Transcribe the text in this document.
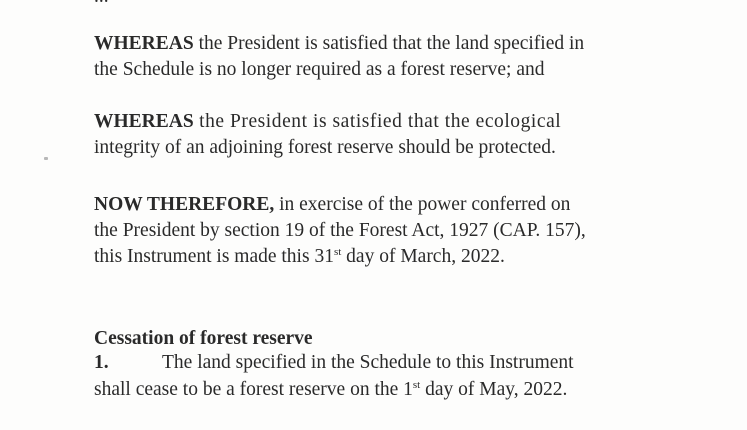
WHEREAS the President is satisfied that the land specified in
the Schedule is no longer required as a forest reserve; and
WHEREAS the President is satisfied that the ecological
integrity of an adjoining forest reserve should be protected.
NOW THEREFORE, in exercise of the power conferred on
the President by section 19 of the Forest Act, 1927 (CAP. 157),
this Instrument is made this 31st day of March, 2022.
Cessation of forest reserve
1.	The land specified in the Schedule to this Instrument
shall cease to be a forest reserve on the 1st day of May, 2022.
